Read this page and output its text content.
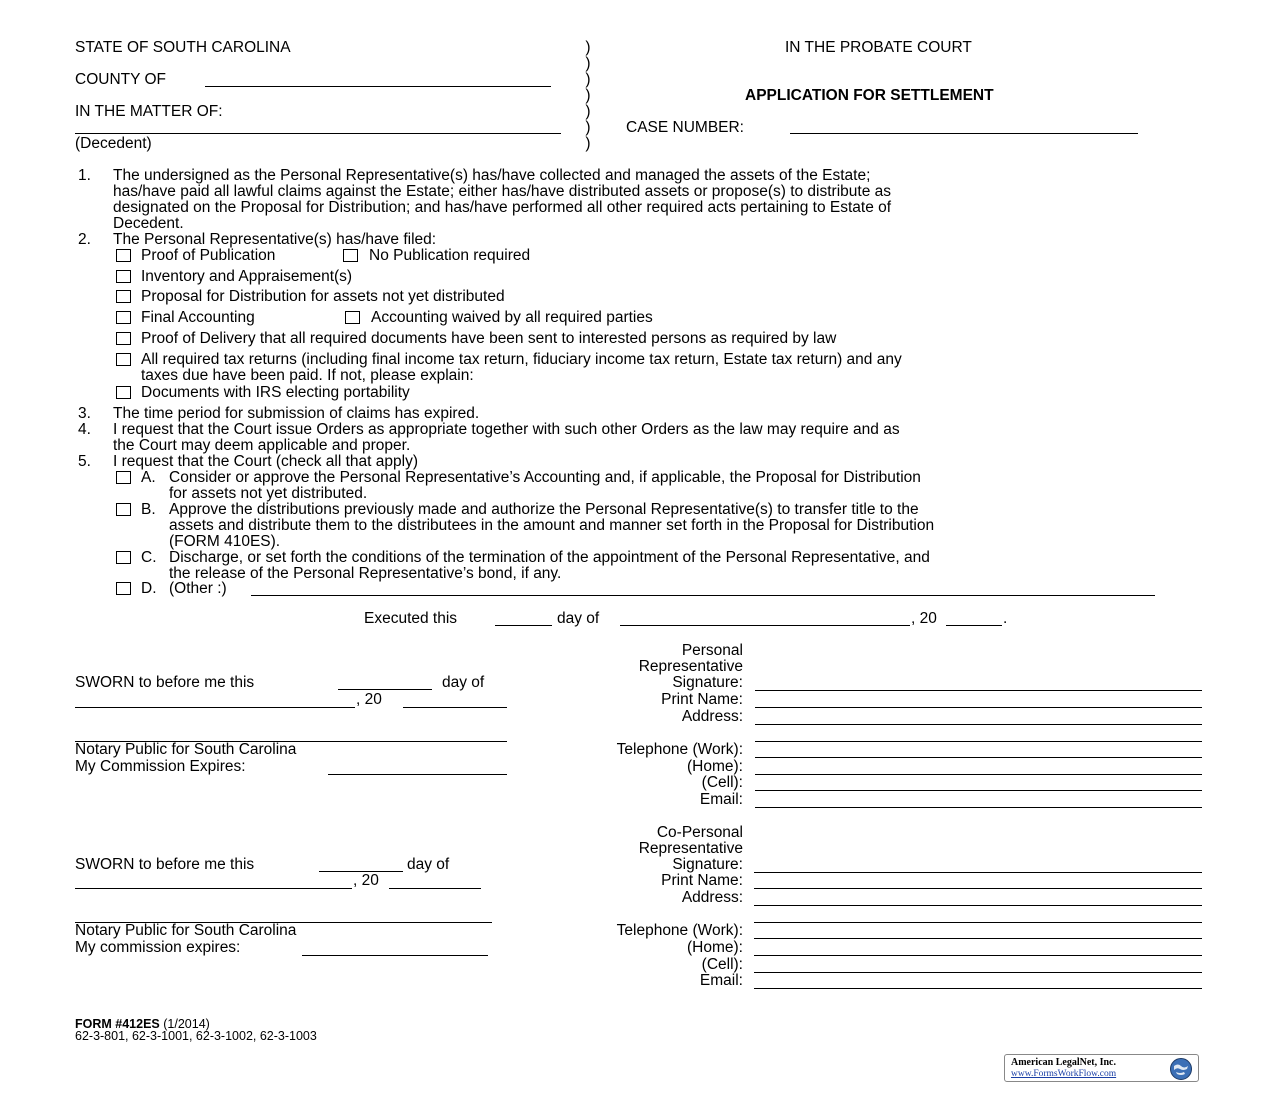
STATE OF SOUTH CAROLINA
COUNTY OF
IN THE MATTER OF:
(Decedent)
)
)
)
)
)
)
)
IN THE PROBATE COURT
APPLICATION FOR SETTLEMENT
CASE NUMBER:
1. The undersigned as the Personal Representative(s) has/have collected and managed the assets of the Estate;
has/have paid all lawful claims against the Estate; either has/have distributed assets or propose(s) to distribute as
designated on the Proposal for Distribution; and has/have performed all other required acts pertaining to Estate of
Decedent.
2. The Personal Representative(s) has/have filed:
Proof of Publication	No Publication required
Inventory and Appraisement(s)
Proposal for Distribution for assets not yet distributed
Final Accounting	Accounting waived by all required parties
Proof of Delivery that all required documents have been sent to interested persons as required by law
All required tax returns (including final income tax return, fiduciary income tax return, Estate tax return) and any
taxes due have been paid. If not, please explain:
Documents with IRS electing portability
3. The time period for submission of claims has expired.
4. I request that the Court issue Orders as appropriate together with such other Orders as the law may require and as
the Court may deem applicable and proper.
5. I request that the Court (check all that apply)
A. Consider or approve the Personal Representative’s Accounting and, if applicable, the Proposal for Distribution
for assets not yet distributed.
B. Approve the distributions previously made and authorize the Personal Representative(s) to transfer title to the
assets and distribute them to the distributees in the amount and manner set forth in the Proposal for Distribution
(FORM 410ES).
C. Discharge, or set forth the conditions of the termination of the appointment of the Personal Representative, and
the release of the Personal Representative’s bond, if any.
D. (Other :)
Executed this	day of	, 20	.
SWORN to before me this	day of
, 20
Notary Public for South Carolina
My Commission Expires:
Personal
Representative
Signature:
Print Name:
Address:
Telephone (Work):
(Home):
(Cell):
Email:
SWORN to before me this	day of
, 20
Notary Public for South Carolina
My commission expires:
Co-Personal
Representative
Signature:
Print Name:
Address:
Telephone (Work):
(Home):
(Cell):
Email:
FORM #412ES (1/2014)
62-3-801, 62-3-1001, 62-3-1002, 62-3-1003
American LegalNet, Inc.
www.FormsWorkFlow.com
